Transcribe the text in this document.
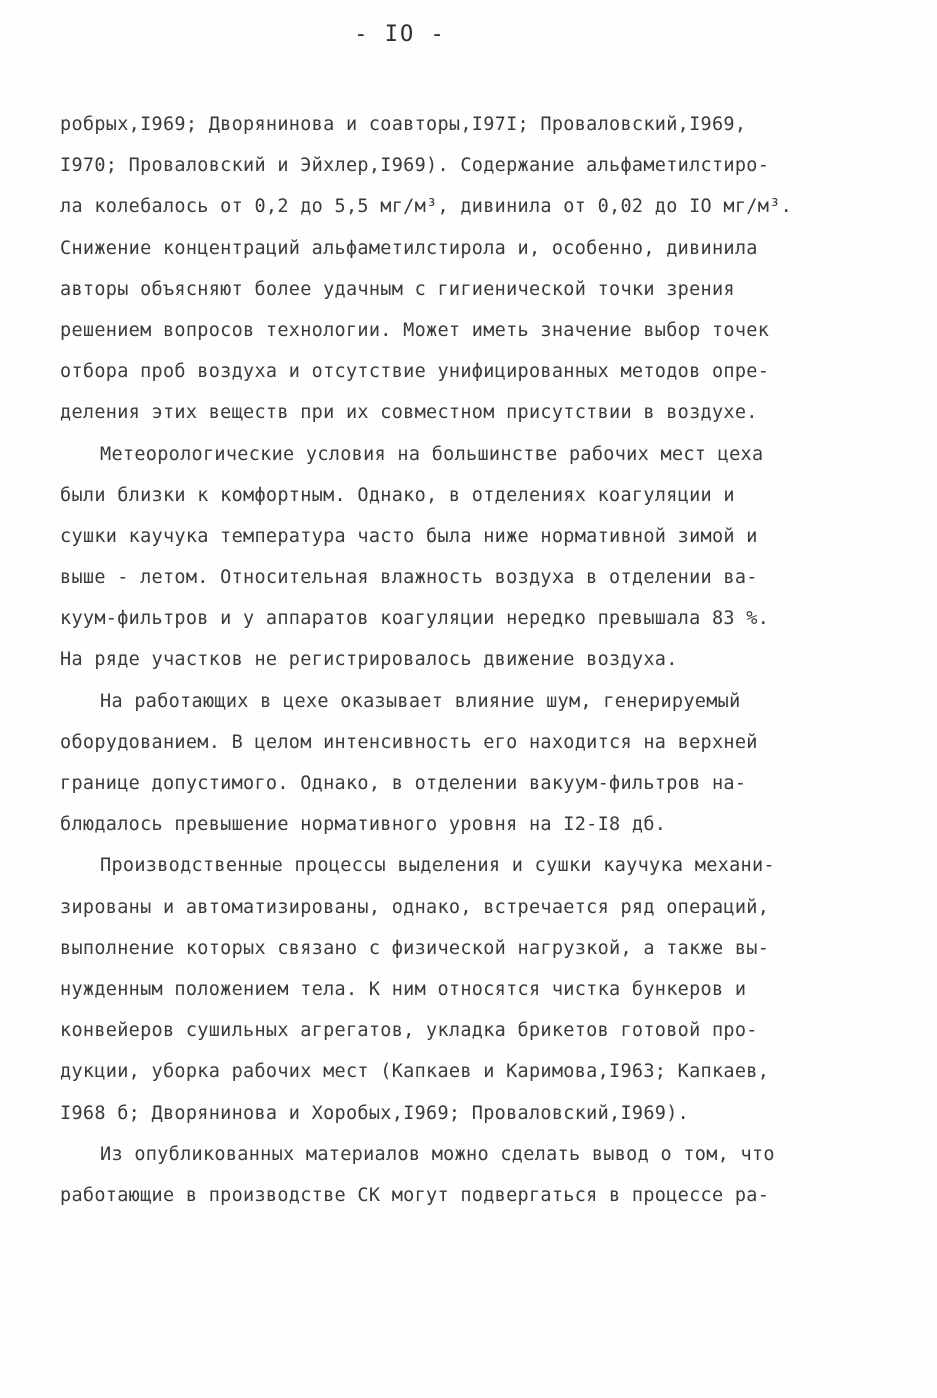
- IO -
робрых,I969; Дворянинова и соавторы,I97I; Проваловский,I969,
I970; Проваловский и Эйхлер,I969). Содержание альфаметилстиро-
ла колебалось от 0,2 до 5,5 мг/м³, дивинила от 0,02 до IO мг/м³.
Снижение концентраций альфаметилстирола и, особенно, дивинила
авторы объясняют более удачным с гигиенической точки зрения
решением вопросов технологии. Может иметь значение выбор точек
отбора проб воздуха и отсутствие унифицированных методов опре-
деления этих веществ при их совместном присутствии в воздухе.
Метеорологические условия на большинстве рабочих мест цеха
были близки к комфортным. Однако, в отделениях коагуляции и
сушки каучука температура часто была ниже нормативной зимой и
выше - летом. Относительная влажность воздуха в отделении ва-
куум-фильтров и у аппаратов коагуляции нередко превышала 83 %.
На ряде участков не регистрировалось движение воздуха.
На работающих в цехе оказывает влияние шум, генерируемый
оборудованием. В целом интенсивность его находится на верхней
границе допустимого. Однако, в отделении вакуум-фильтров на-
блюдалось превышение нормативного уровня на I2-I8 дб.
Производственные процессы выделения и сушки каучука механи-
зированы и автоматизированы, однако, встречается ряд операций,
выполнение которых связано с физической нагрузкой, а также вы-
нужденным положением тела. К ним относятся чистка бункеров и
конвейеров сушильных агрегатов, укладка брикетов готовой про-
дукции, уборка рабочих мест (Капкаев и Каримова,I963; Капкаев,
I968 б; Дворянинова и Хоробых,I969; Проваловский,I969).
Из опубликованных материалов можно сделать вывод о том, что
работающие в производстве СК могут подвергаться в процессе ра-
